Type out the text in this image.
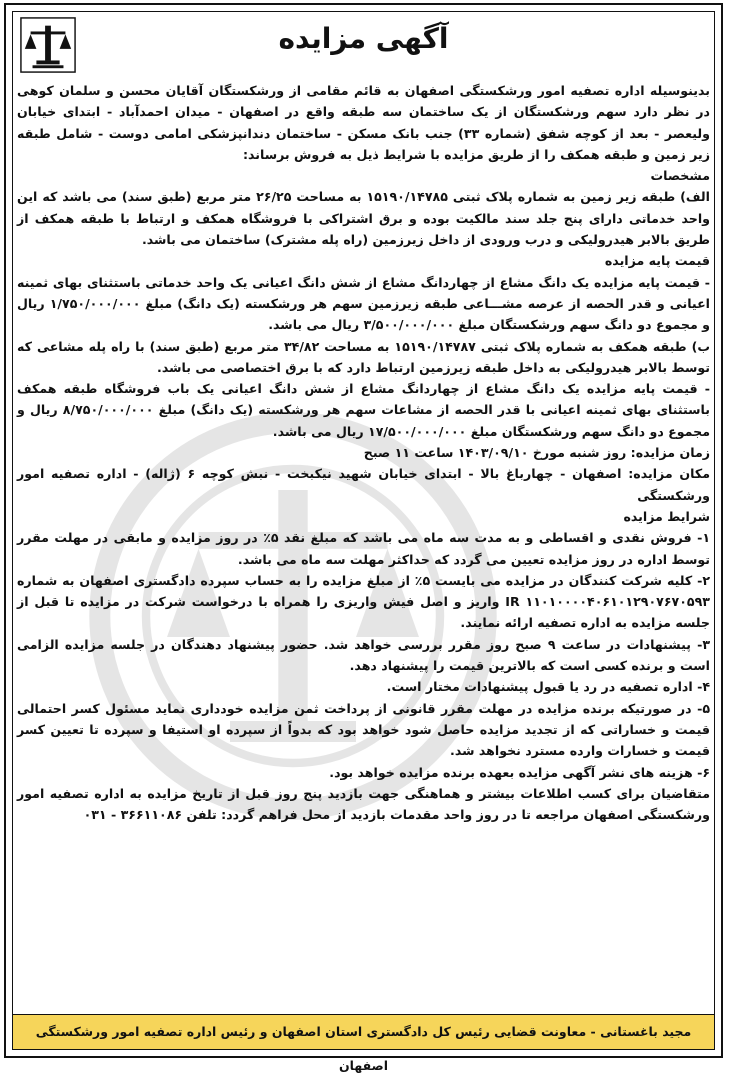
آگهی مزایده

بدینوسیله اداره تصفیه امور ورشکستگی اصفهان به قائم مقامی از ورشکستگان آقایان محسن و سلمان کوهی در نظر دارد سهم ورشکستگان از یک ساختمان سه طبقه واقع در اصفهان - میدان احمدآباد - ابتدای خیابان ولیعصر - بعد از کوچه شفق (شماره ۳۳) جنب بانک مسکن - ساختمان دندانپزشکی امامی دوست - شامل طبقه زیر زمین و طبقه همکف را از طریق مزایده با شرایط ذیل به فروش برساند:

مشخصات

الف) طبقه زیر زمین به شماره پلاک ثبتی ۱۵۱۹۰/۱۴۷۸۵ به مساحت ۲۶/۲۵ متر مربع (طبق سند) می باشد که این واحد خدماتی دارای پنج جلد سند مالکیت بوده و برق اشتراکی با فروشگاه همکف و ارتباط با طبقه همکف از طریق بالابر هیدرولیکی و درب ورودی از داخل زیرزمین (راه پله مشترک) ساختمان می باشد.

قیمت پایه مزایده

- قیمت پایه مزایده یک دانگ مشاع از چهاردانگ مشاع از شش دانگ اعیانی یک واحد خدماتی باستثنای بهای ثمینه اعیانی و قدر الحصه از عرصه مشـــاعی طبقه زیرزمین سهم هر ورشکسته (یک دانگ) مبلغ ۱/۷۵۰/۰۰۰/۰۰۰ ریال و مجموع دو دانگ سهم ورشکستگان مبلغ ۳/۵۰۰/۰۰۰/۰۰۰ ریال می باشد.

ب) طبقه همکف به شماره پلاک ثبتی ۱۵۱۹۰/۱۴۷۸۷ به مساحت ۳۴/۸۲ متر مربع (طبق سند) با راه پله مشاعی که توسط بالابر هیدرولیکی به داخل طبقه زیرزمین ارتباط دارد که با برق اختصاصی می باشد.

- قیمت پایه مزایده یک دانگ مشاع از چهاردانگ مشاع از شش دانگ اعیانی یک باب فروشگاه طبقه همکف باستثنای بهای ثمینه اعیانی با قدر الحصه از مشاعات سهم هر ورشکسته (یک دانگ) مبلغ ۸/۷۵۰/۰۰۰/۰۰۰ ریال و مجموع دو دانگ سهم ورشکستگان مبلغ ۱۷/۵۰۰/۰۰۰/۰۰۰ ریال می باشد.

زمان مزایده: روز شنبه مورخ ۱۴۰۳/۰۹/۱۰ ساعت ۱۱ صبح

مکان مزایده: اصفهان - چهارباغ بالا - ابتدای خیابان شهید نیکبخت - نبش کوچه ۶ (ژاله) - اداره تصفیه امور ورشکستگی

شرایط مزایده

۱- فروش نقدی و اقساطی و به مدت سه ماه می باشد که مبلغ نقد ۵٪ در روز مزایده و مابقی در مهلت مقرر توسط اداره در روز مزایده تعیین می گردد که حداکثر مهلت سه ماه می باشد.

۲- کلیه شرکت کنندگان در مزایده می بایست ۵٪ از مبلغ مزایده را به حساب سپرده دادگستری اصفهان به شماره IR ۱۱۰۱۰۰۰۰۴۰۶۱۰۱۲۹۰۷۶۷۰۵۹۳ واریز و اصل فیش واریزی را همراه با درخواست شرکت در مزایده تا قبل از جلسه مزایده به اداره تصفیه ارائه نمایند.

۳- پیشنهادات در ساعت ۹ صبح روز مقرر بررسی خواهد شد. حضور پیشنهاد دهندگان در جلسه مزایده الزامی است و برنده کسی است که بالاترین قیمت را پیشنهاد دهد.

۴- اداره تصفیه در رد یا قبول پیشنهادات مختار است.

۵- در صورتیکه برنده مزایده در مهلت مقرر قانونی از پرداخت ثمن مزایده خودداری نماید مسئول کسر احتمالی قیمت و خساراتی که از تجدید مزایده حاصل شود خواهد بود که بدواً از سپرده او استیفا و سپرده تا تعیین کسر قیمت و خسارات وارده مسترد نخواهد شد.

۶- هزینه های نشر آگهی مزایده بعهده برنده مزایده خواهد بود.

متقاضیان برای کسب اطلاعات بیشتر و هماهنگی جهت بازدید پنج روز قبل از تاریخ مزایده به اداره تصفیه امور ورشکستگی اصفهان مراجعه تا در روز واحد مقدمات بازدید از محل فراهم گردد: تلفن ۳۶۶۱۱۰۸۶ - ۰۳۱

مجید باغستانی - معاونت قضایی رئیس کل دادگستری استان اصفهان و رئیس اداره تصفیه امور ورشکستگی اصفهان
